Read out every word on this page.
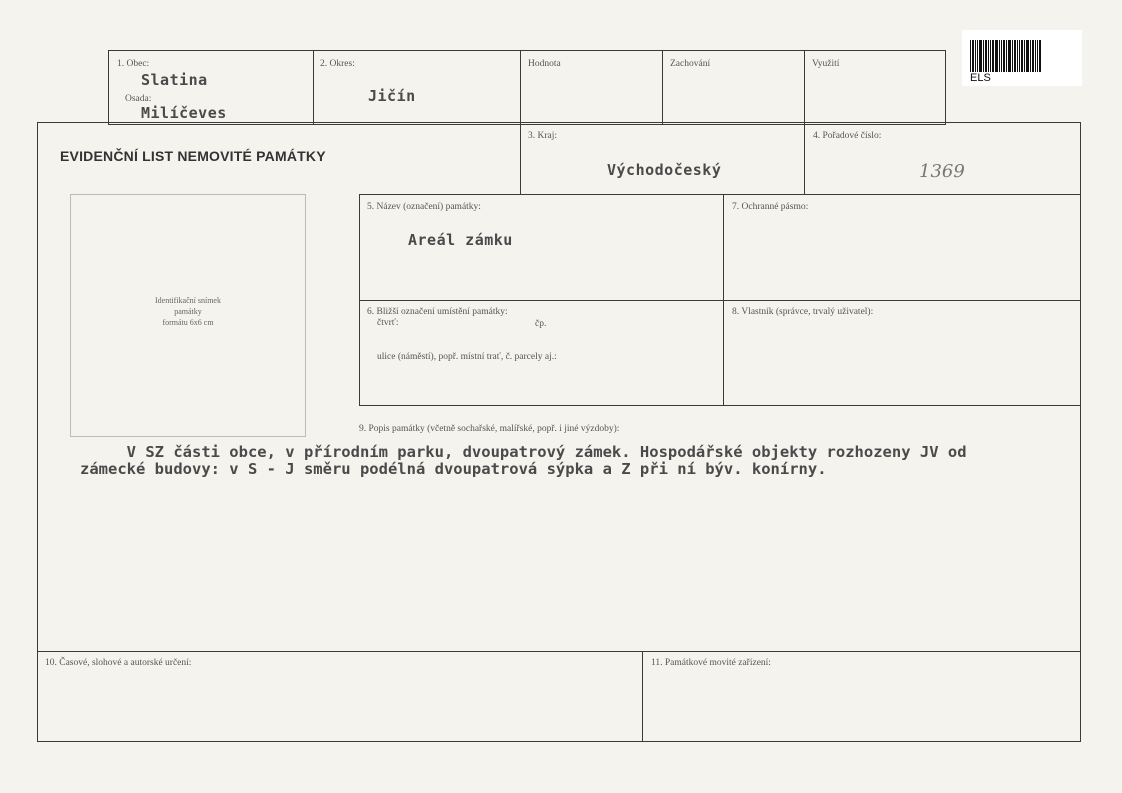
1. Obec:
Slatina
Osada:
Milíčeves
2. Okres:
Jičín
Hodnota	Zachování	Využití
ELS
EVIDENČNÍ LIST NEMOVITÉ PAMÁTKY
3. Kraj:
Východočeský
4. Pořadové číslo:
1369
Identifikační snímek
památky
formátu 6x6 cm
5. Název (označení) památky:
Areál zámku
7. Ochranné pásmo:
6. Bližší označení umístění památky:
čtvrť:	čp.
ulice (náměstí), popř. místní trať, č. parcely aj.:
8. Vlastník (správce, trvalý uživatel):
9. Popis památky (včetně sochařské, malířské, popř. i jiné výzdoby):
V SZ části obce, v přírodním parku, dvoupatrový zámek. Hospodářské objekty rozhozeny JV od
zámecké budovy: v S - J směru podélná dvoupatrová sýpka a Z při ní býv. konírny.
10. Časové, slohové a autorské určení:	11. Památkové movité zařízení:
